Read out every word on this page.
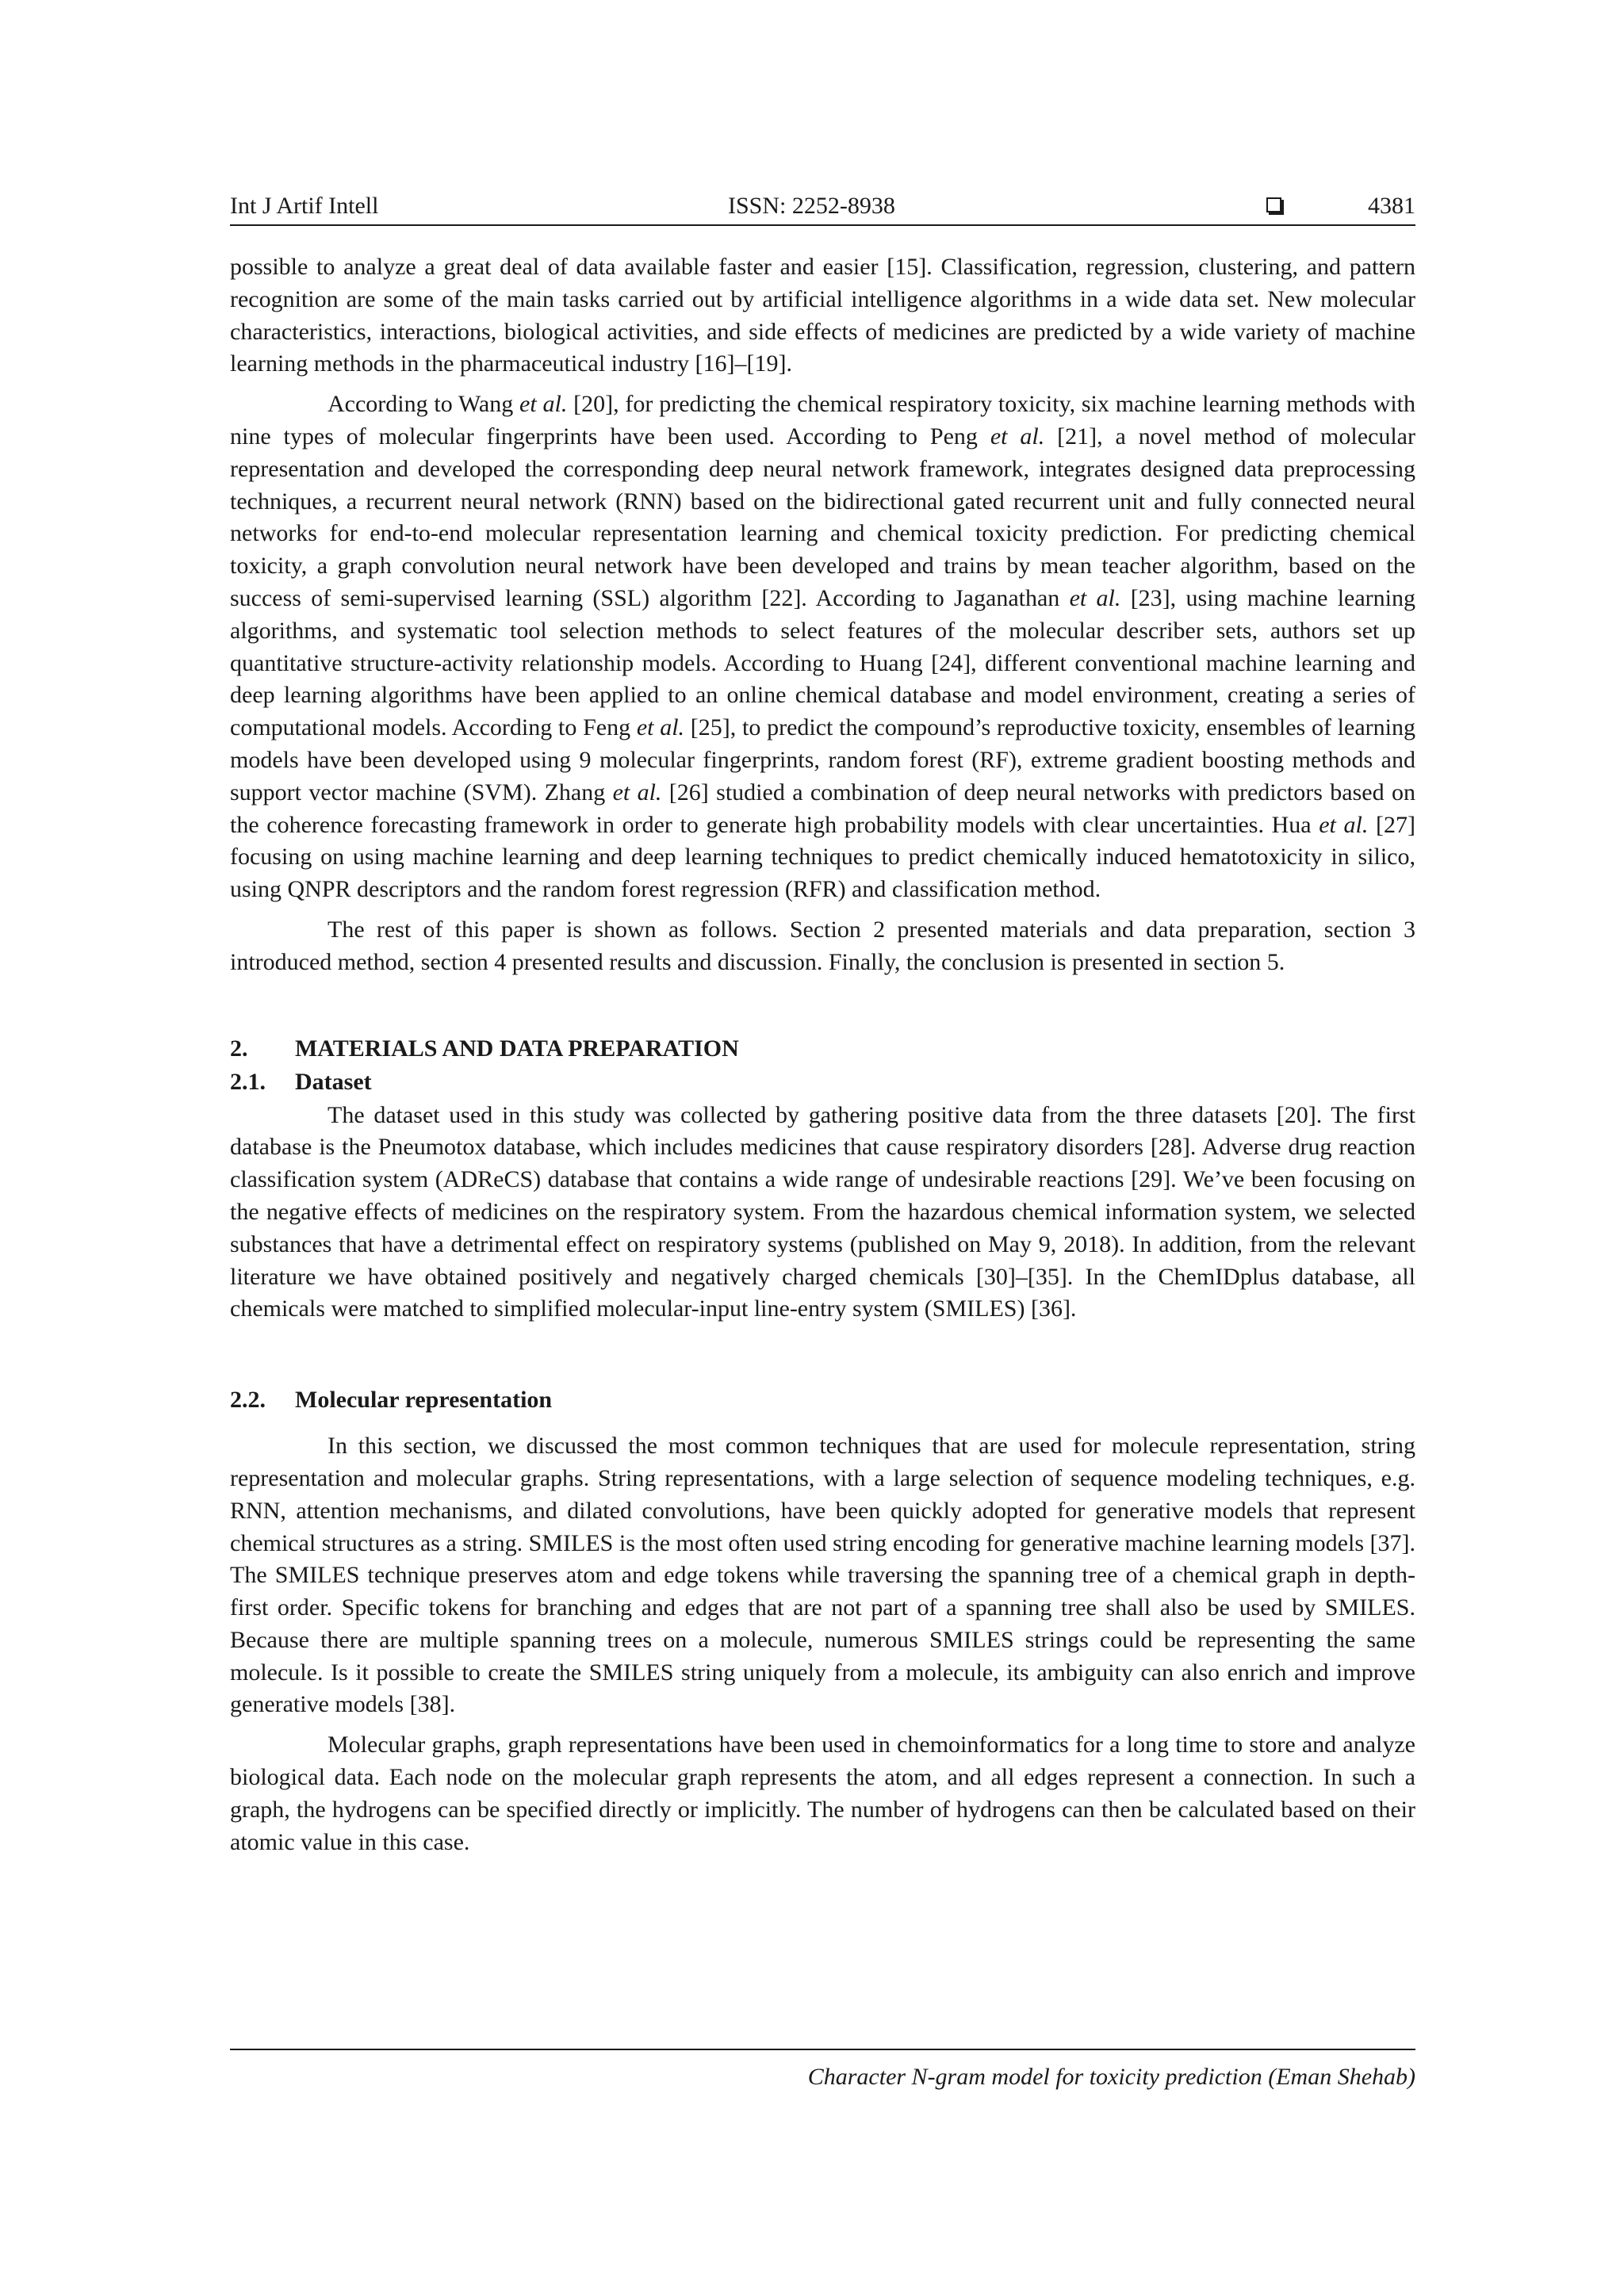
Int J Artif Intell	ISSN: 2252-8938	4381

possible to analyze a great deal of data available faster and easier [15]. Classification, regression, clustering, and pattern recognition are some of the main tasks carried out by artificial intelligence algorithms in a wide data set. New molecular characteristics, interactions, biological activities, and side effects of medicines are predicted by a wide variety of machine learning methods in the pharmaceutical industry [16]–[19].

According to Wang et al. [20], for predicting the chemical respiratory toxicity, six machine learning methods with nine types of molecular fingerprints have been used. According to Peng et al. [21], a novel method of molecular representation and developed the corresponding deep neural network framework, integrates designed data preprocessing techniques, a recurrent neural network (RNN) based on the bidirectional gated recurrent unit and fully connected neural networks for end-to-end molecular representation learning and chemical toxicity prediction. For predicting chemical toxicity, a graph convolution neural network have been developed and trains by mean teacher algorithm, based on the success of semi-supervised learning (SSL) algorithm [22]. According to Jaganathan et al. [23], using machine learning algorithms, and systematic tool selection methods to select features of the molecular describer sets, authors set up quantitative structure-activity relationship models. According to Huang [24], different conventional machine learning and deep learning algorithms have been applied to an online chemical database and model environment, creating a series of computational models. According to Feng et al. [25], to predict the compound’s reproductive toxicity, ensembles of learning models have been developed using 9 molecular fingerprints, random forest (RF), extreme gradient boosting methods and support vector machine (SVM). Zhang et al. [26] studied a combination of deep neural networks with predictors based on the coherence forecasting framework in order to generate high probability models with clear uncertainties. Hua et al. [27] focusing on using machine learning and deep learning techniques to predict chemically induced hematotoxicity in silico, using QNPR descriptors and the random forest regression (RFR) and classification method.

The rest of this paper is shown as follows. Section 2 presented materials and data preparation, section 3 introduced method, section 4 presented results and discussion. Finally, the conclusion is presented in section 5.

2. MATERIALS AND DATA PREPARATION
2.1. Dataset

The dataset used in this study was collected by gathering positive data from the three datasets [20]. The first database is the Pneumotox database, which includes medicines that cause respiratory disorders [28]. Adverse drug reaction classification system (ADReCS) database that contains a wide range of undesirable reactions [29]. We’ve been focusing on the negative effects of medicines on the respiratory system. From the hazardous chemical information system, we selected substances that have a detrimental effect on respiratory systems (published on May 9, 2018). In addition, from the relevant literature we have obtained positively and negatively charged chemicals [30]–[35]. In the ChemIDplus database, all chemicals were matched to simplified molecular-input line-entry system (SMILES) [36].

2.2. Molecular representation

In this section, we discussed the most common techniques that are used for molecule representation, string representation and molecular graphs. String representations, with a large selection of sequence modeling techniques, e.g. RNN, attention mechanisms, and dilated convolutions, have been quickly adopted for generative models that represent chemical structures as a string. SMILES is the most often used string encoding for generative machine learning models [37]. The SMILES technique preserves atom and edge tokens while traversing the spanning tree of a chemical graph in depth-first order. Specific tokens for branching and edges that are not part of a spanning tree shall also be used by SMILES. Because there are multiple spanning trees on a molecule, numerous SMILES strings could be representing the same molecule. Is it possible to create the SMILES string uniquely from a molecule, its ambiguity can also enrich and improve generative models [38].

Molecular graphs, graph representations have been used in chemoinformatics for a long time to store and analyze biological data. Each node on the molecular graph represents the atom, and all edges represent a connection. In such a graph, the hydrogens can be specified directly or implicitly. The number of hydrogens can then be calculated based on their atomic value in this case.

Character N-gram model for toxicity prediction (Eman Shehab)
